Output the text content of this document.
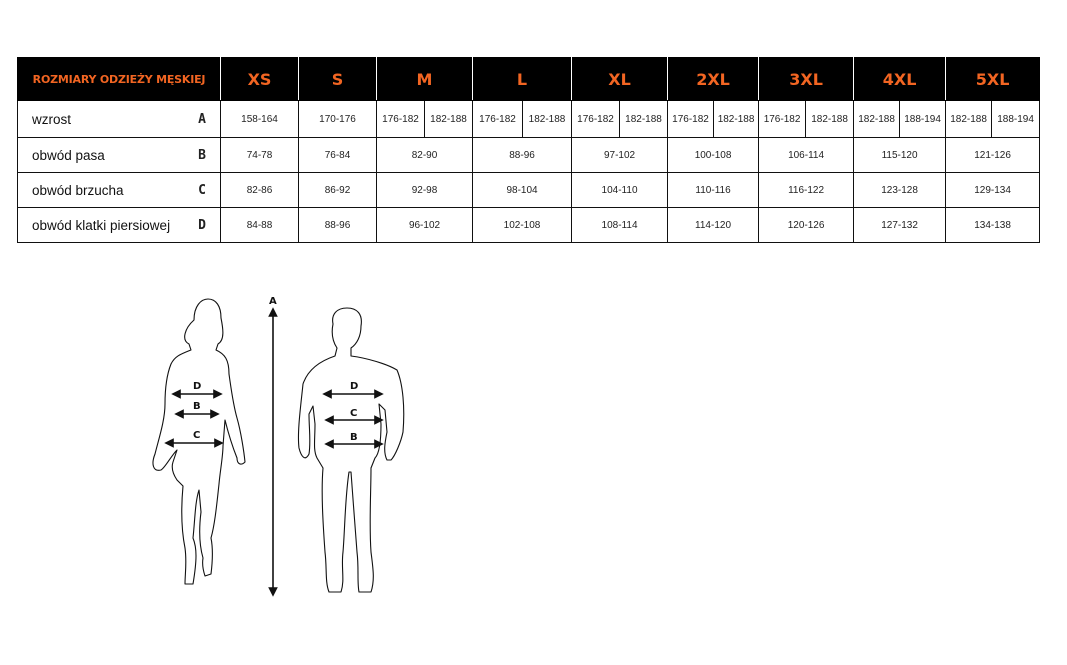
ROZMIARY ODZIEŻY MĘSKIEJ	XS	S	M		L		XL		2XL		3XL		4XL		5XL	

wzrost A	158-164	170-176	176-182	182-188	176-182	182-188	176-182	182-188	176-182	182-188	176-182	182-188	182-188	188-194	182-188	188-194

obwód pasa B	74-78	76-84	82-90		88-96		97-102		100-108		106-114		115-120		121-126	

obwód brzucha C	82-86	86-92	92-98		98-104		104-110		110-116		116-122		123-128		129-134	

obwód klatki piersiowej D	84-88	88-96	96-102		102-108		108-114		114-120		120-126		127-132		134-138	
D
B
C
A
D
C
B
